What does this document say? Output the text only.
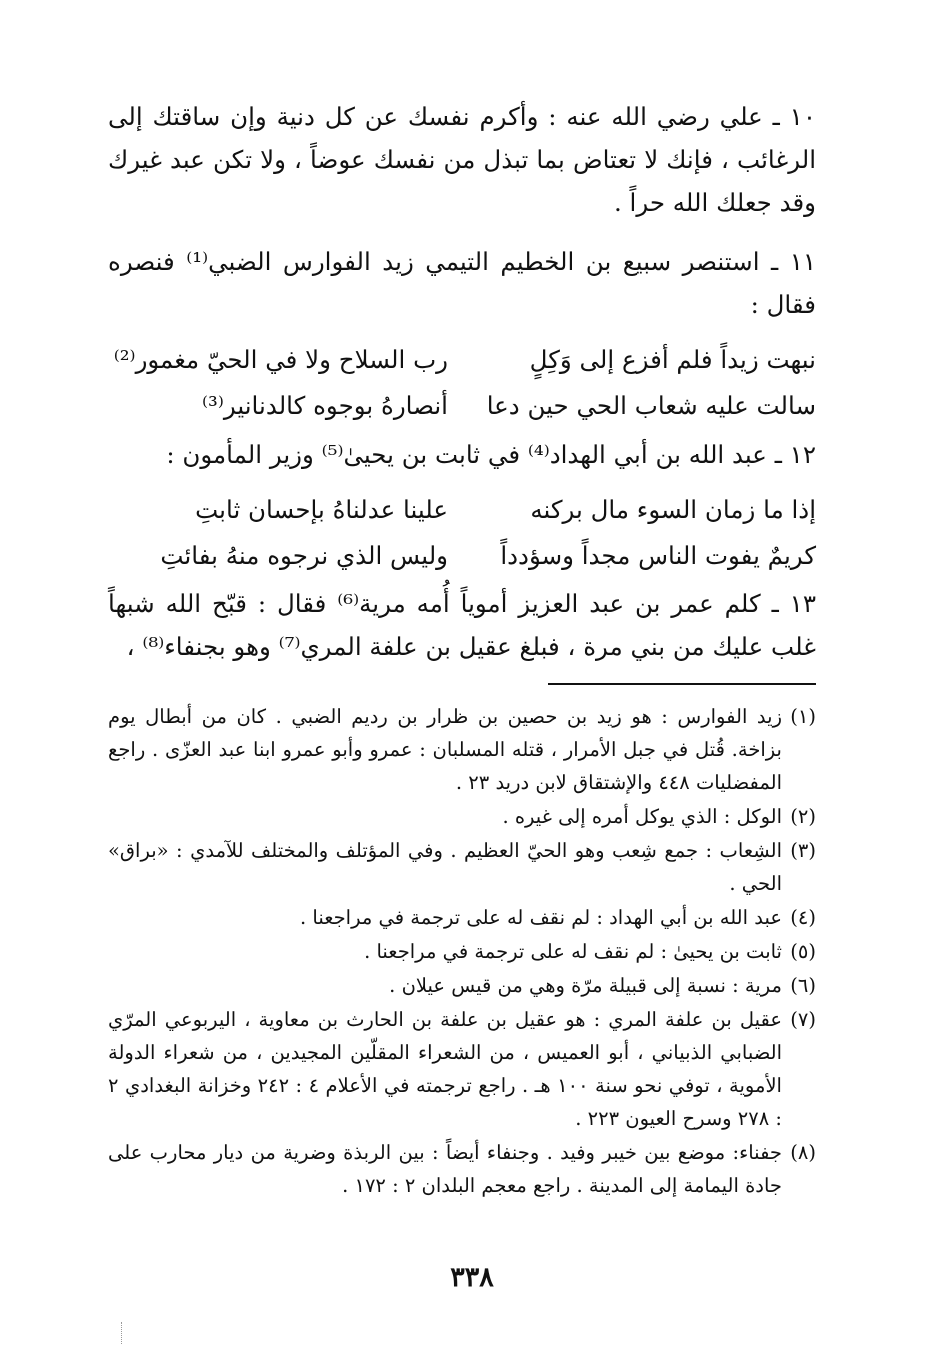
١٠ ـ علي رضي الله عنه : وأكرم نفسك عن كل دنية وإن ساقتك إلى الرغائب ، فإنك لا تعتاض بما تبذل من نفسك عوضاً ، ولا تكن عبد غيرك وقد جعلك الله حراً .

١١ ـ استنصر سبيع بن الخطيم التيمي زيد الفوارس الضبي⁽¹⁾ فنصره فقال :

نبهت زيداً فلم أفزع إلى وَكِلٍ
رب السلاح ولا في الحيّ مغمور⁽²⁾
سالت عليه شعاب الحي حين دعا
أنصارهُ بوجوه كالدنانير⁽³⁾

١٢ ـ عبد الله بن أبي الهداد⁽⁴⁾ في ثابت بن يحيىٰ⁽⁵⁾ وزير المأمون :

إذا ما زمان السوء مال بركنه
علينا عدلناهُ بإحسان ثابتِ
كريمٌ يفوت الناس مجداً وسؤدداً
وليس الذي نرجوه منهُ بفائتِ

١٣ ـ كلم عمر بن عبد العزيز أموياً أُمه مرية⁽⁶⁾ فقال : قبّح الله شبهاً غلب عليك من بني مرة ، فبلغ عقيل بن علفة المري⁽⁷⁾ وهو بجنفاء⁽⁸⁾ ،

(١)
زيد الفوارس : هو زيد بن حصين بن ظرار بن رديم الضبي . كان من أبطال يوم بزاخة. قُتل في جبل الأمرار ، قتله المسلبان : عمرو وأبو عمرو ابنا عبد العزّى . راجع المفضليات ٤٤٨ والإشتقاق لابن دريد ٢٣ .
(٢)
الوكل : الذي يوكل أمره إلى غيره .
(٣)
الشِعاب : جمع شِعب وهو الحيّ العظيم . وفي المؤتلف والمختلف للآمدي : «براق» الحي .
(٤)
عبد الله بن أبي الهداد : لم نقف له على ترجمة في مراجعنا .
(٥)
ثابت بن يحيىٰ : لم نقف له على ترجمة في مراجعنا .
(٦)
مرية : نسبة إلى قبيلة مرّة وهي من قيس عيلان .
(٧)
عقيل بن علفة المري : هو عقيل بن علفة بن الحارث بن معاوية ، اليربوعي المرّي الضبابي الذبياني ، أبو العميس ، من الشعراء المقلّين المجيدين ، من شعراء الدولة الأموية ، توفي نحو سنة ١٠٠ هـ . راجع ترجمته في الأعلام ٤ : ٢٤٢ وخزانة البغدادي ٢ : ٢٧٨ وسرح العيون ٢٢٣ .
(٨)
جفناء: موضع بين خيبر وفيد . وجنفاء أيضاً : بين الربذة وضرية من ديار محارب على جادة اليمامة إلى المدينة . راجع معجم البلدان ٢ : ١٧٢ .
٣٣٨
